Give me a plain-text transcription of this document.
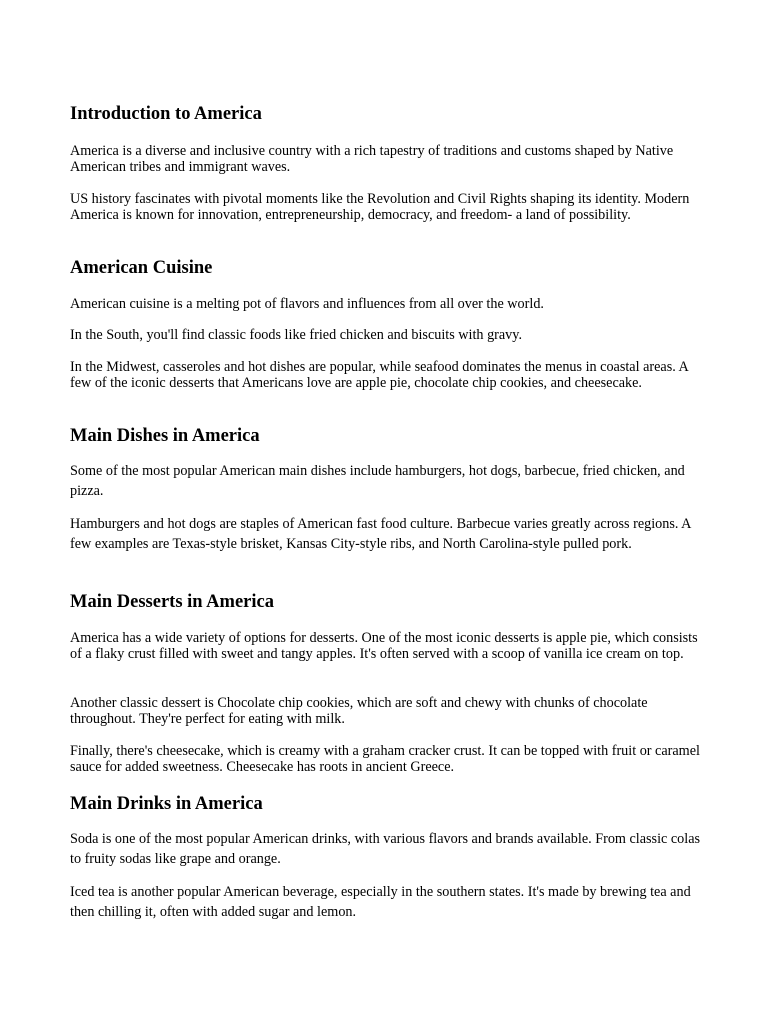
Introduction to America

America is a diverse and inclusive country with a rich tapestry of traditions and customs shaped by Native American tribes and immigrant waves.

US history fascinates with pivotal moments like the Revolution and Civil Rights shaping its identity. Modern America is known for innovation, entrepreneurship, democracy, and freedom- a land of possibility.

American Cuisine

American cuisine is a melting pot of flavors and influences from all over the world.

In the South, you'll find classic foods like fried chicken and biscuits with gravy.

In the Midwest, casseroles and hot dishes are popular, while seafood dominates the menus in coastal areas. A few of the iconic desserts that Americans love are apple pie, chocolate chip cookies, and cheesecake.

Main Dishes in America

Some of the most popular American main dishes include hamburgers, hot dogs, barbecue, fried chicken, and pizza.

Hamburgers and hot dogs are staples of American fast food culture. Barbecue varies greatly across regions. A few examples are Texas-style brisket, Kansas City-style ribs, and North Carolina-style pulled pork.

Main Desserts in America

America has a wide variety of options for desserts. One of the most iconic desserts is apple pie, which consists of a flaky crust filled with sweet and tangy apples. It's often served with a scoop of vanilla ice cream on top.

Another classic dessert is Chocolate chip cookies, which are soft and chewy with chunks of chocolate throughout. They're perfect for eating with milk.

Finally, there's cheesecake, which is creamy with a graham cracker crust. It can be topped with fruit or caramel sauce for added sweetness. Cheesecake has roots in ancient Greece.

Main Drinks in America

Soda is one of the most popular American drinks, with various flavors and brands available. From classic colas to fruity sodas like grape and orange.

Iced tea is another popular American beverage, especially in the southern states. It's made by brewing tea and then chilling it, often with added sugar and lemon.
